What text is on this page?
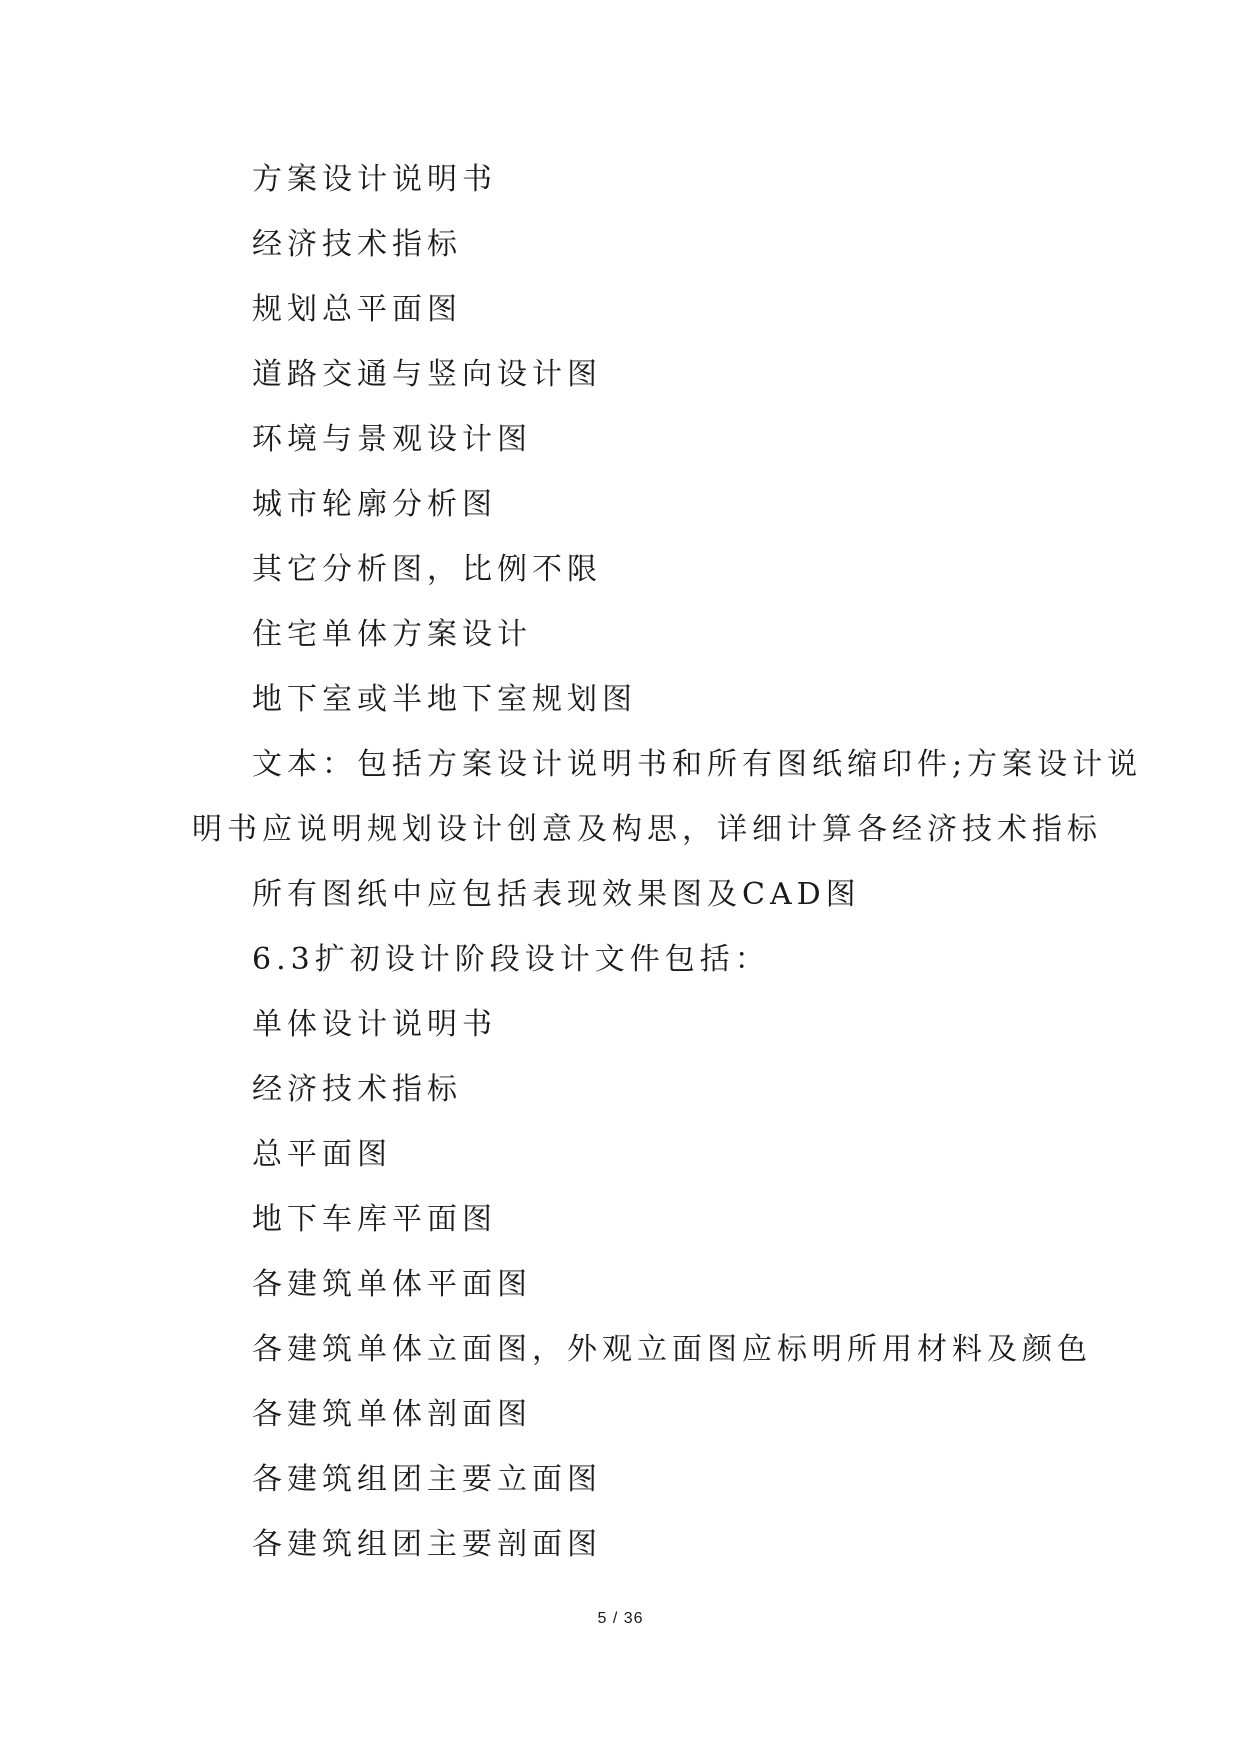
方案设计说明书
经济技术指标
规划总平面图
道路交通与竖向设计图
环境与景观设计图
城市轮廓分析图
其它分析图，比例不限
住宅单体方案设计
地下室或半地下室规划图
文本：包括方案设计说明书和所有图纸缩印件;方案设计说
明书应说明规划设计创意及构思，详细计算各经济技术指标
所有图纸中应包括表现效果图及CAD图
6.3扩初设计阶段设计文件包括：
单体设计说明书
经济技术指标
总平面图
地下车库平面图
各建筑单体平面图
各建筑单体立面图，外观立面图应标明所用材料及颜色
各建筑单体剖面图
各建筑组团主要立面图
各建筑组团主要剖面图
5 / 36
